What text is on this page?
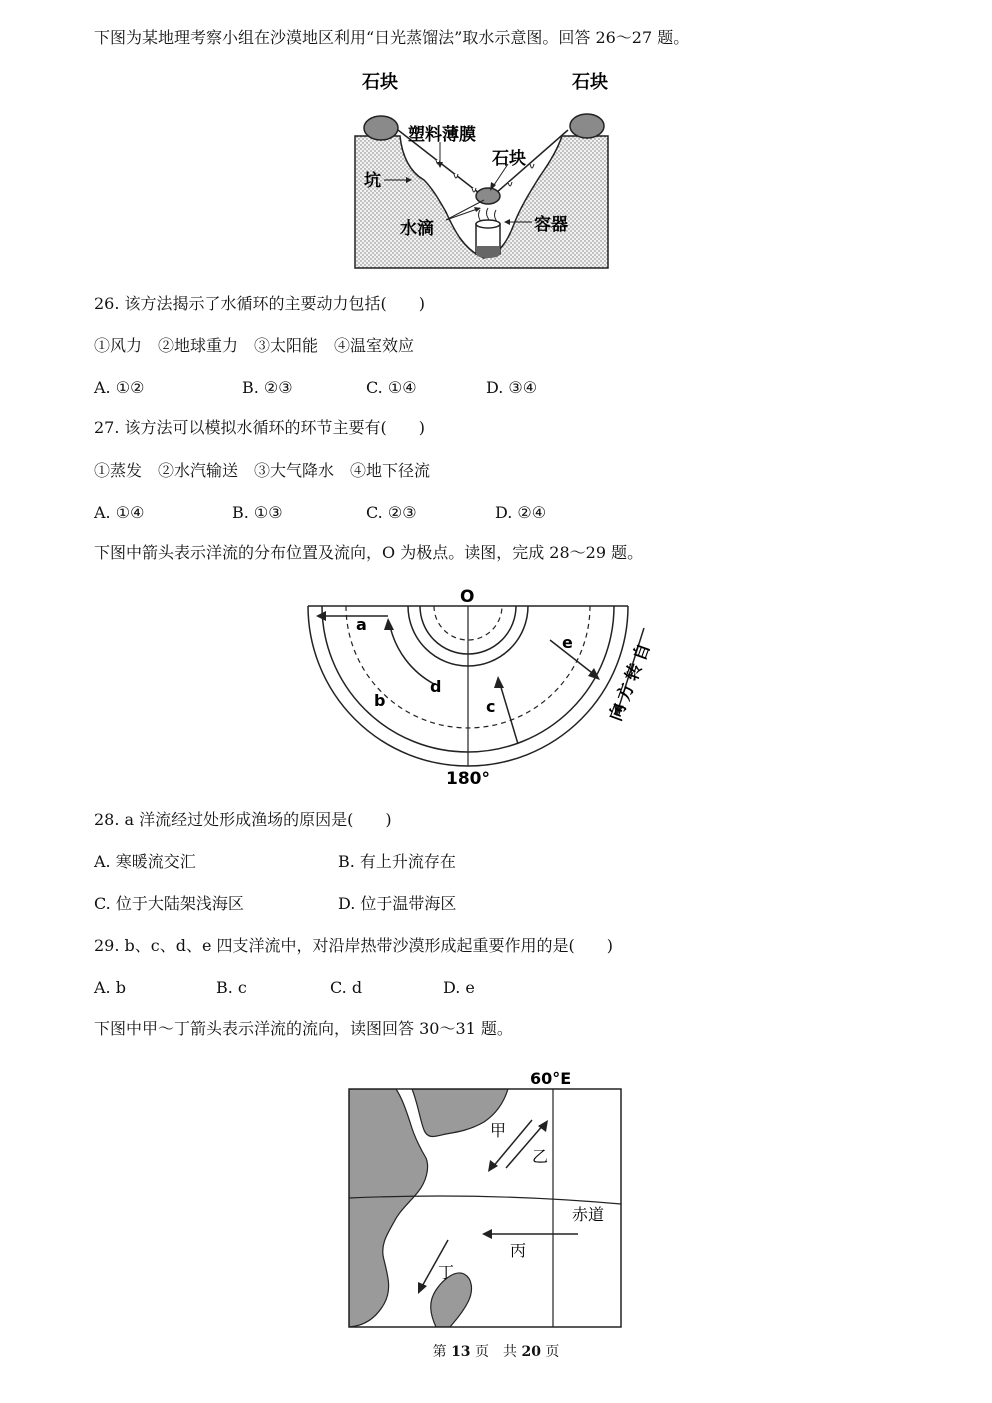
下图为某地理考察小组在沙漠地区利用“日光蒸馏法”取水示意图。回答 26～27 题。
石块	石块
塑料薄膜
石块
坑
水滴	容器
26. 该方法揭示了水循环的主要动力包括(　　)
①风力　②地球重力　③太阳能　④温室效应
A. ①②	B. ②③	C. ①④	D. ③④
27. 该方法可以模拟水循环的环节主要有(　　)
①蒸发　②水汽输送　③大气降水　④地下径流
A. ①④	B. ①③	C. ②③	D. ②④
下图中箭头表示洋流的分布位置及流向，O 为极点。读图，完成 28～29 题。
O
180°
a
b	c
d
e	自
转
方
向
28. a 洋流经过处形成渔场的原因是(　　)
A. 寒暖流交汇	B. 有上升流存在
C. 位于大陆架浅海区	D. 位于温带海区
29. b、c、d、e 四支洋流中，对沿岸热带沙漠形成起重要作用的是(　　)
A. b	B. c	C. d	D. e
下图中甲～丁箭头表示洋流的流向，读图回答 30～31 题。
60°E
甲
乙
赤道
丙
丁
第 13 页　共 20 页
